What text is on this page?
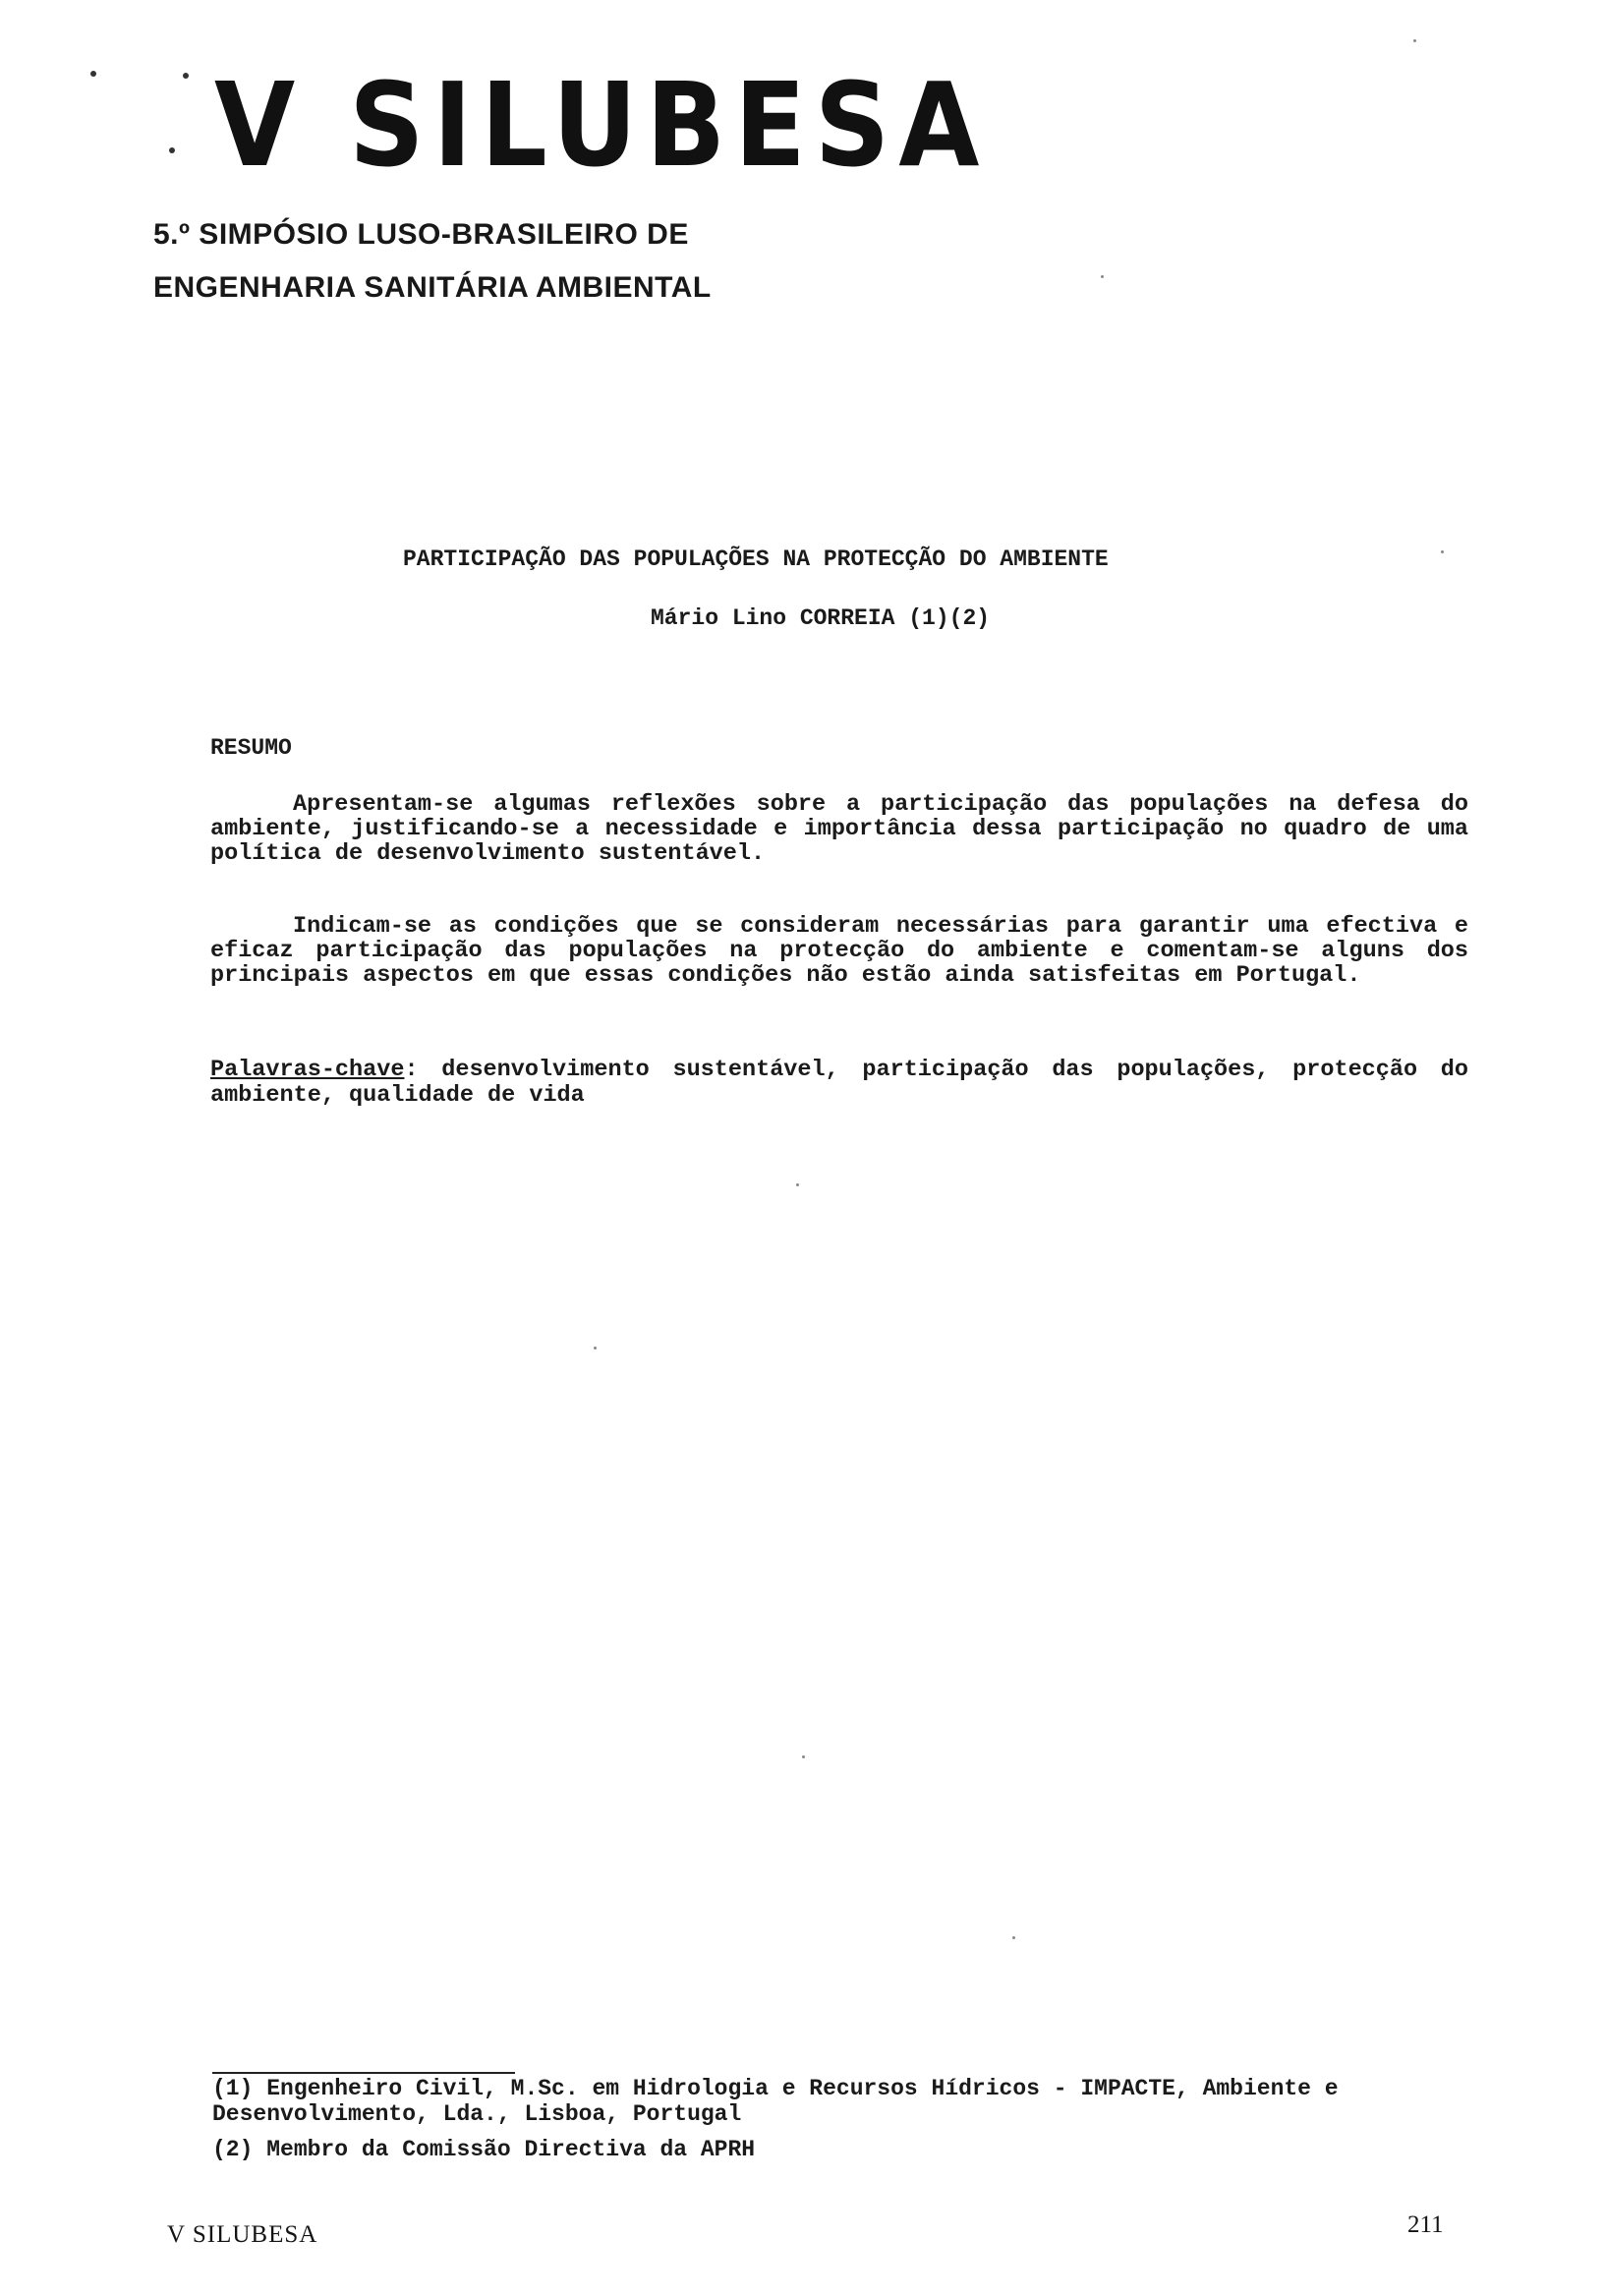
V SILUBESA
5.º SIMPÓSIO LUSO-BRASILEIRO DE
ENGENHARIA SANITÁRIA AMBIENTAL
PARTICIPAÇÃO DAS POPULAÇÕES NA PROTECÇÃO DO AMBIENTE
Mário Lino CORREIA (1)(2)
RESUMO
Apresentam-se algumas reflexões sobre a participação das populações na defesa do ambiente, justificando-se a necessidade e importância dessa participação no quadro de uma política de desenvolvimento sustentável.
Indicam-se as condições que se consideram necessárias para garantir uma efectiva e eficaz participação das populações na protecção do ambiente e comentam-se alguns dos principais aspectos em que essas condições não estão ainda satisfeitas em Portugal.
Palavras-chave: desenvolvimento sustentável, participação das populações, protecção do ambiente, qualidade de vida
(1) Engenheiro Civil, M.Sc. em Hidrologia e Recursos Hídricos - IMPACTE, Ambiente e Desenvolvimento, Lda., Lisboa, Portugal
(2) Membro da Comissão Directiva da APRH
V SILUBESA	211
